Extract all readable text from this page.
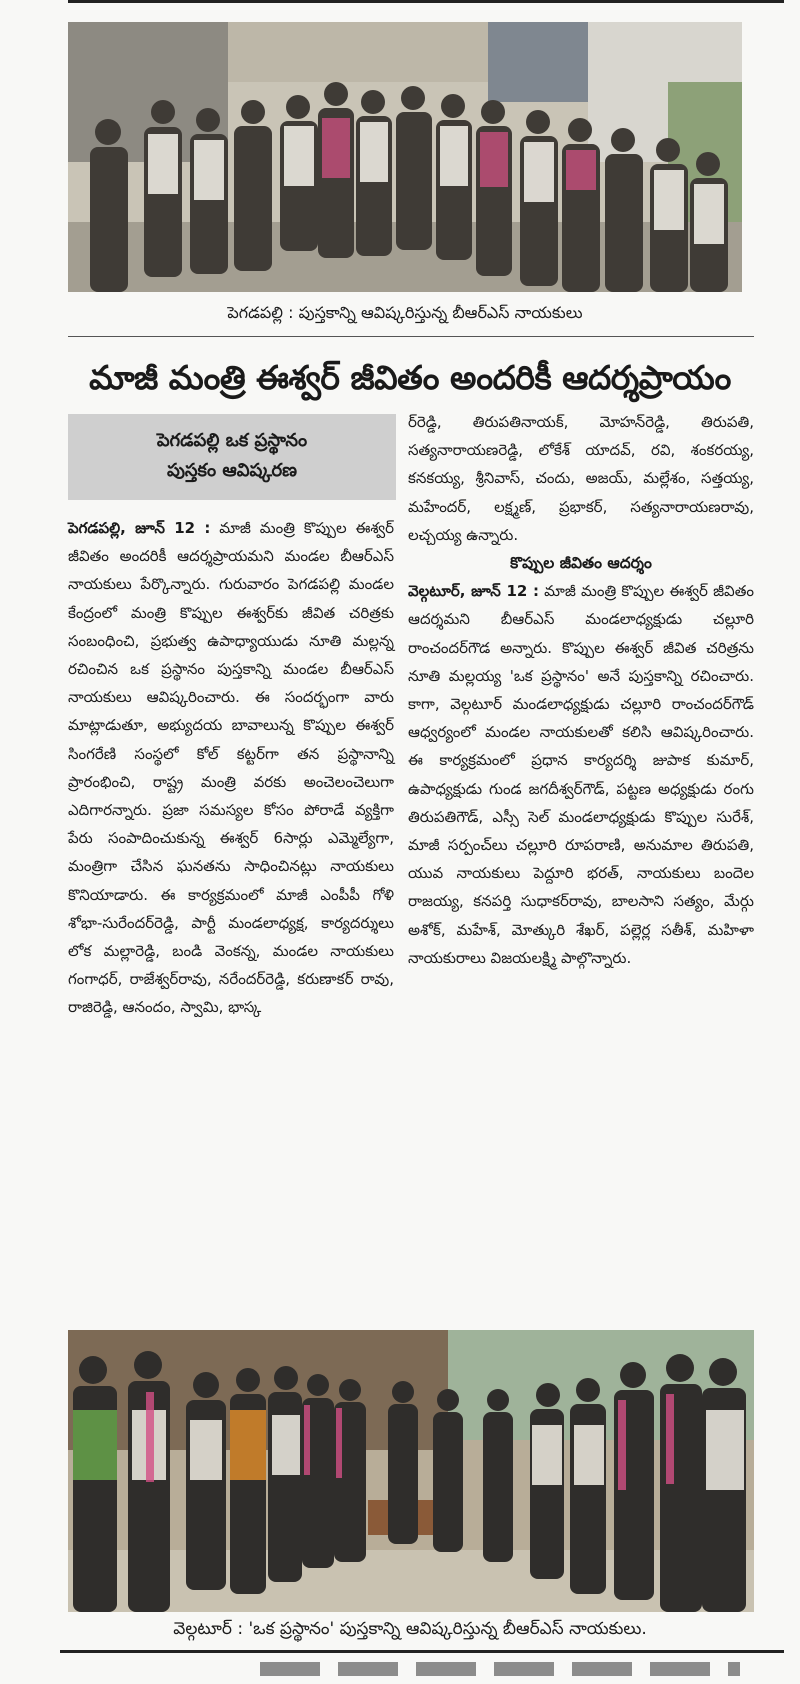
పెగడపల్లి : పుస్తకాన్ని ఆవిష్కరిస్తున్న బీఆర్ఎస్ నాయకులు
మాజీ మంత్రి ఈశ్వర్ జీవితం అందరికీ ఆదర్శప్రాయం
పెగడపల్లి ఒక ప్రస్థానం
పుస్తకం ఆవిష్కరణ
పెగడపల్లి, జూన్ 12 : మాజీ మంత్రి కొప్పుల ఈశ్వర్ జీవితం అందరికీ ఆదర్శప్రాయమని మండల బీఆర్ఎస్ నాయకులు పేర్కొన్నారు. గురువారం పెగడపల్లి మండల కేంద్రంలో మంత్రి కొప్పుల ఈశ్వర్‌కు జీవిత చరిత్రకు సంబంధించి, ప్రభుత్వ ఉపాధ్యాయుడు నూతి మల్లన్న రచించిన ఒక ప్రస్థానం పుస్తకాన్ని మండల బీఆర్ఎస్ నాయకులు ఆవిష్కరించారు. ఈ సందర్భంగా వారు మాట్లాడుతూ, అభ్యుదయ బావాలున్న కొప్పుల ఈశ్వర్ సింగరేణి సంస్థలో కోల్ కట్టర్‌గా తన ప్రస్థానాన్ని ప్రారంభించి, రాష్ట్ర మంత్రి వరకు అంచెలంచెలుగా ఎదిగారన్నారు. ప్రజా సమస్యల కోసం పోరాడే వ్యక్తిగా పేరు సంపాదించుకున్న ఈశ్వర్ 6సార్లు ఎమ్మెల్యేగా, మంత్రిగా చేసిన ఘనతను సాధించినట్లు నాయకులు కొనియాడారు. ఈ కార్యక్రమంలో మాజీ ఎంపీపీ గోళి శోభా-సురేందర్‌రెడ్డి, పార్టీ మండలాధ్యక్ష, కార్యదర్శులు లోక మల్లారెడ్డి, బండి వెంకన్న, మండల నాయకులు గంగాధర్, రాజేశ్వర్‌రావు, నరేందర్‌రెడ్డి, కరుణాకర్ రావు, రాజిరెడ్డి, ఆనందం, స్వామి, భాస్క
ర్‌రెడ్డి, తిరుపతినాయక్, మోహన్‌రెడ్డి, తిరుపతి, సత్యనారాయణరెడ్డి, లోకేశ్ యాదవ్, రవి, శంకరయ్య, కనకయ్య, శ్రీనివాస్, చందు, అజయ్, మల్లేశం, సత్తయ్య, మహేందర్, లక్ష్మణ్, ప్రభాకర్, సత్యనారాయణరావు, లచ్చయ్య ఉన్నారు.
కొప్పుల జీవితం ఆదర్శం
వెల్గటూర్, జూన్ 12 : మాజీ మంత్రి కొప్పుల ఈశ్వర్ జీవితం ఆదర్శమని బీఆర్ఎస్ మండలాధ్యక్షుడు చల్లూరి రాంచందర్‌గౌడ అన్నారు. కొప్పుల ఈశ్వర్ జీవిత చరిత్రను నూతి మల్లయ్య 'ఒక ప్రస్థానం' అనే పుస్తకాన్ని రచించారు. కాగా, వెల్గటూర్ మండలాధ్యక్షుడు చల్లూరి రాంచందర్‌గౌడ్ ఆధ్వర్యంలో మండల నాయకులతో కలిసి ఆవిష్కరించారు. ఈ కార్యక్రమంలో ప్రధాన కార్యదర్శి జుపాక కుమార్, ఉపాధ్యక్షుడు గుండ జగదీశ్వర్‌గౌడ్, పట్టణ అధ్యక్షుడు రంగు తిరుపతిగౌడ్, ఎస్సీ సెల్ మండలాధ్యక్షుడు కొప్పుల సురేశ్, మాజీ సర్పంచ్‌లు చల్లూరి రూపరాణి, అనుమాల తిరుపతి, యువ నాయకులు పెద్దూరి భరత్, నాయకులు బందెల రాజయ్య, కనపర్తి సుధాకర్‌రావు, బాలసాని సత్యం, మేర్గు అశోక్, మహేశ్, మోత్కురి శేఖర్, పల్లెర్ల సతీశ్, మహిళా నాయకురాలు విజయలక్ష్మి పాల్గొన్నారు.
వెల్గటూర్ : 'ఒక ప్రస్థానం' పుస్తకాన్ని ఆవిష్కరిస్తున్న బీఆర్ఎస్ నాయకులు.
